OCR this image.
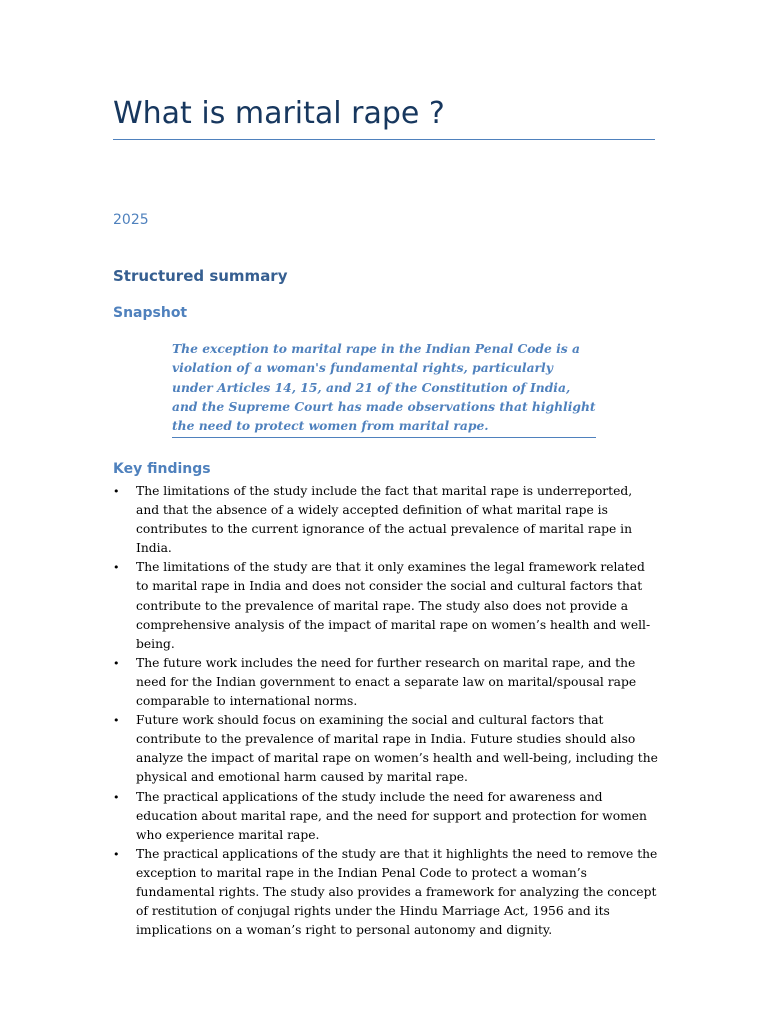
What is marital rape ?
2025
Structured summary
Snapshot

The exception to marital rape in the Indian Penal Code is a violation of a woman's fundamental rights, particularly under Articles 14, 15, and 21 of the Constitution of India, and the Supreme Court has made observations that highlight the need to protect women from marital rape.

Key findings
• The limitations of the study include the fact that marital rape is underreported, and that the absence of a widely accepted definition of what marital rape is contributes to the current ignorance of the actual prevalence of marital rape in India.
• The limitations of the study are that it only examines the legal framework related to marital rape in India and does not consider the social and cultural factors that contribute to the prevalence of marital rape. The study also does not provide a comprehensive analysis of the impact of marital rape on women’s health and well-being.
• The future work includes the need for further research on marital rape, and the need for the Indian government to enact a separate law on marital/spousal rape comparable to international norms.
• Future work should focus on examining the social and cultural factors that contribute to the prevalence of marital rape in India. Future studies should also analyze the impact of marital rape on women’s health and well-being, including the physical and emotional harm caused by marital rape.
• The practical applications of the study include the need for awareness and education about marital rape, and the need for support and protection for women who experience marital rape.
• The practical applications of the study are that it highlights the need to remove the exception to marital rape in the Indian Penal Code to protect a woman’s fundamental rights. The study also provides a framework for analyzing the concept of restitution of conjugal rights under the Hindu Marriage Act, 1956 and its implications on a woman’s right to personal autonomy and dignity.
